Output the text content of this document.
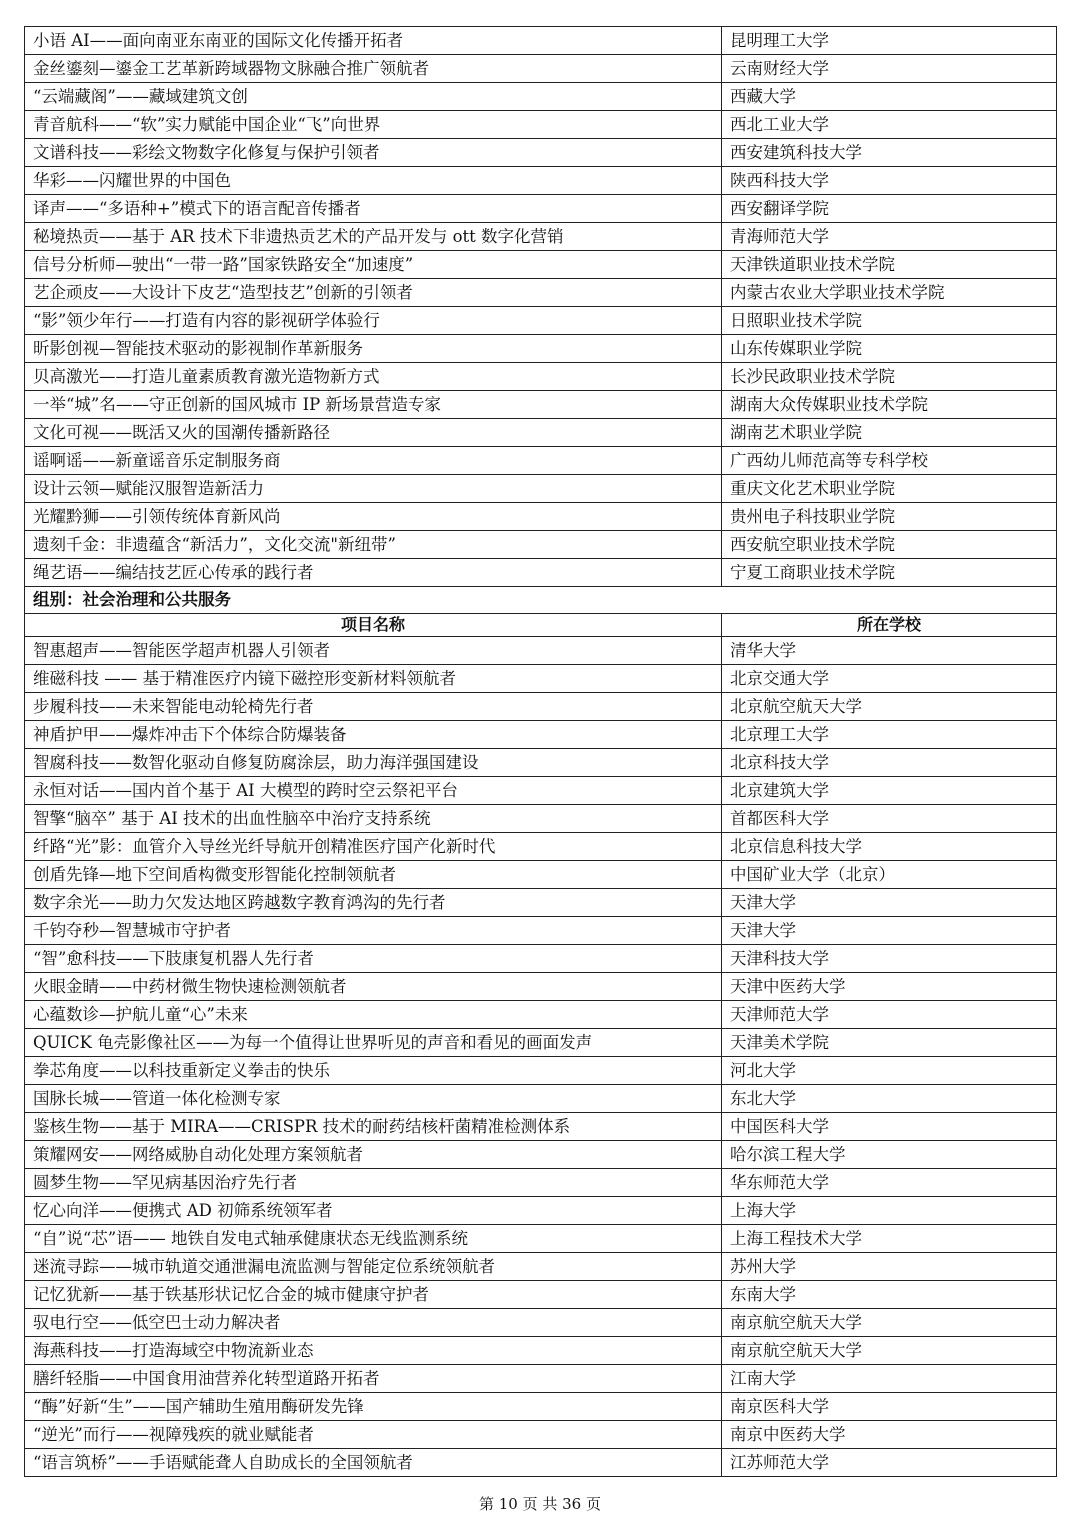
小语 AI——面向南亚东南亚的国际文化传播开拓者	昆明理工大学
金丝鎏刻—鎏金工艺革新跨域器物文脉融合推广领航者	云南财经大学
“云端藏阁”——藏域建筑文创	西藏大学
青音航科——“软”实力赋能中国企业“飞”向世界	西北工业大学
文谱科技——彩绘文物数字化修复与保护引领者	西安建筑科技大学
华彩——闪耀世界的中国色	陕西科技大学
译声——“多语种+”模式下的语言配音传播者	西安翻译学院
秘境热贡——基于 AR 技术下非遗热贡艺术的产品开发与 ott 数字化营销	青海师范大学
信号分析师—驶出“一带一路”国家铁路安全“加速度”	天津铁道职业技术学院
艺企顽皮——大设计下皮艺“造型技艺”创新的引领者	内蒙古农业大学职业技术学院
“影”领少年行——打造有内容的影视研学体验行	日照职业技术学院
昕影创视—智能技术驱动的影视制作革新服务	山东传媒职业学院
贝高激光——打造儿童素质教育激光造物新方式	长沙民政职业技术学院
一举“城”名——守正创新的国风城市 IP 新场景营造专家	湖南大众传媒职业技术学院
文化可视——既活又火的国潮传播新路径	湖南艺术职业学院
谣啊谣——新童谣音乐定制服务商	广西幼儿师范高等专科学校
设计云领—赋能汉服智造新活力	重庆文化艺术职业学院
光耀黔狮——引领传统体育新风尚	贵州电子科技职业学院
遗刻千金：非遗蕴含“新活力”，文化交流"新纽带”	西安航空职业技术学院
绳艺语——编结技艺匠心传承的践行者	宁夏工商职业技术学院
组别：社会治理和公共服务	
项目名称	所在学校
智惠超声——智能医学超声机器人引领者	清华大学
维磁科技 —— 基于精准医疗内镜下磁控形变新材料领航者	北京交通大学
步履科技——未来智能电动轮椅先行者	北京航空航天大学
神盾护甲——爆炸冲击下个体综合防爆装备	北京理工大学
智腐科技——数智化驱动自修复防腐涂层，助力海洋强国建设	北京科技大学
永恒对话——国内首个基于 AI 大模型的跨时空云祭祀平台	北京建筑大学
智擎“脑卒” 基于 AI 技术的出血性脑卒中治疗支持系统	首都医科大学
纤路“光”影：血管介入导丝光纤导航开创精准医疗国产化新时代	北京信息科技大学
创盾先锋—地下空间盾构微变形智能化控制领航者	中国矿业大学（北京）
数字余光——助力欠发达地区跨越数字教育鸿沟的先行者	天津大学
千钧夺秒—智慧城市守护者	天津大学
“智”愈科技——下肢康复机器人先行者	天津科技大学
火眼金睛——中药材微生物快速检测领航者	天津中医药大学
心蕴数诊—护航儿童“心”未来	天津师范大学
QUICK 龟壳影像社区——为每一个值得让世界听见的声音和看见的画面发声	天津美术学院
拳芯角度——以科技重新定义拳击的快乐	河北大学
国脉长城——管道一体化检测专家	东北大学
鉴核生物——基于 MIRA——CRISPR 技术的耐药结核杆菌精准检测体系	中国医科大学
策耀网安——网络威胁自动化处理方案领航者	哈尔滨工程大学
圆梦生物——罕见病基因治疗先行者	华东师范大学
忆心向洋——便携式 AD 初筛系统领军者	上海大学
“自”说“芯”语—— 地铁自发电式轴承健康状态无线监测系统	上海工程技术大学
迷流寻踪——城市轨道交通泄漏电流监测与智能定位系统领航者	苏州大学
记忆犹新——基于铁基形状记忆合金的城市健康守护者	东南大学
驭电行空——低空巴士动力解决者	南京航空航天大学
海燕科技——打造海域空中物流新业态	南京航空航天大学
膳纤轻脂——中国食用油营养化转型道路开拓者	江南大学
“酶”好新“生”——国产辅助生殖用酶研发先锋	南京医科大学
“逆光”而行——视障残疾的就业赋能者	南京中医药大学
“语言筑桥”——手语赋能聋人自助成长的全国领航者	江苏师范大学
第 10 页 共 36 页
